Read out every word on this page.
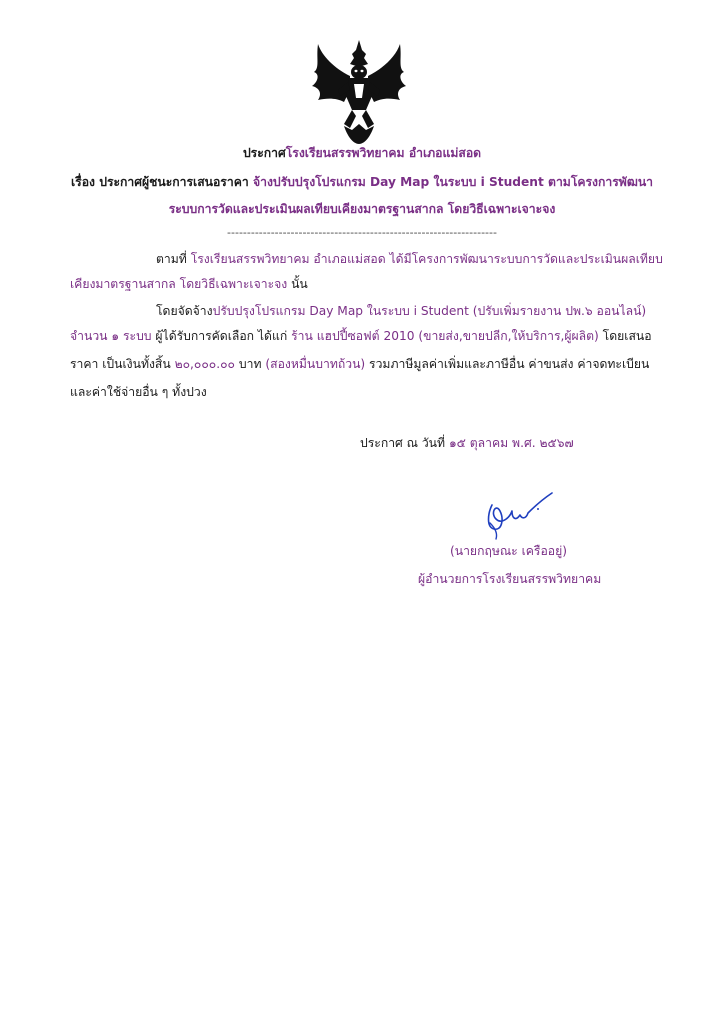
ประกาศโรงเรียนสรรพวิทยาคม อำเภอแม่สอด
เรื่อง ประกาศผู้ชนะการเสนอราคา จ้างปรับปรุงโปรแกรม Day Map ในระบบ i Student ตามโครงการพัฒนา
ระบบการวัดและประเมินผลเทียบเคียงมาตรฐานสากล โดยวิธีเฉพาะเจาะจง
--------------------------------------------------------------------
ตามที่ โรงเรียนสรรพวิทยาคม อำเภอแม่สอด ได้มีโครงการพัฒนาระบบการวัดและประเมินผลเทียบ
เคียงมาตรฐานสากล โดยวิธีเฉพาะเจาะจง นั้น
โดยจัดจ้างปรับปรุงโปรแกรม Day Map ในระบบ i Student (ปรับเพิ่มรายงาน ปพ.๖ ออนไลน์)
จำนวน ๑ ระบบ ผู้ได้รับการคัดเลือก ได้แก่ ร้าน แฮปปี้ซอฟต์ 2010 (ขายส่ง,ขายปลีก,ให้บริการ,ผู้ผลิต) โดยเสนอ
ราคา เป็นเงินทั้งสิ้น ๒๐,๐๐๐.๐๐ บาท (สองหมื่นบาทถ้วน) รวมภาษีมูลค่าเพิ่มและภาษีอื่น ค่าขนส่ง ค่าจดทะเบียน
และค่าใช้จ่ายอื่น ๆ ทั้งปวง
ประกาศ ณ วันที่ ๑๕ ตุลาคม พ.ศ. ๒๕๖๗
(นายกฤษณะ เครืออยู่)
ผู้อำนวยการโรงเรียนสรรพวิทยาคม
